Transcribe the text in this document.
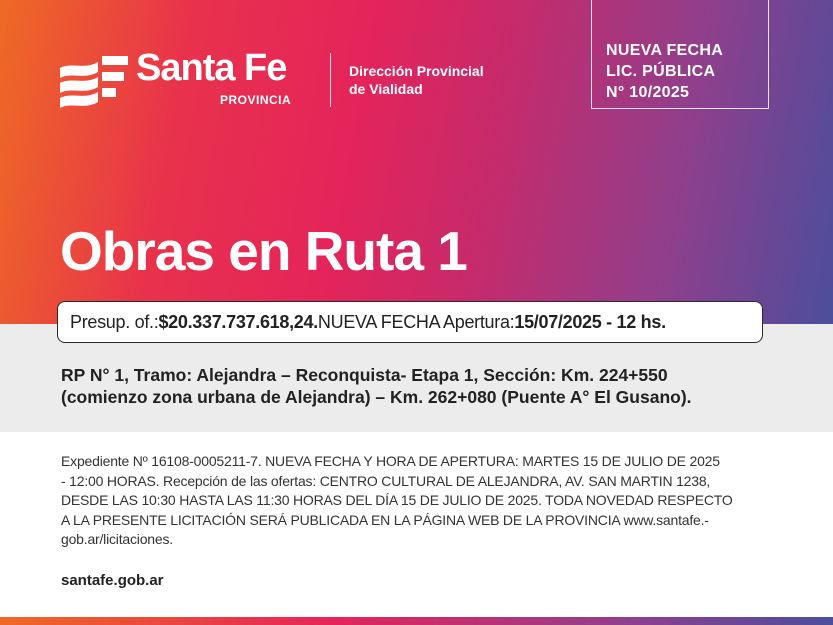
Santa Fe
PROVINCIA
Dirección Provincial
de Vialidad
NUEVA FECHA
LIC. PÚBLICA
N° 10/2025
Obras en Ruta 1
Presup. of.: $20.337.737.618,24. NUEVA FECHA Apertura: 15/07/2025 - 12 hs.
RP N° 1, Tramo: Alejandra – Reconquista- Etapa 1, Sección: Km. 224+550
(comienzo zona urbana de Alejandra) – Km. 262+080 (Puente A° El Gusano).
Expediente Nº 16108-0005211-7. NUEVA FECHA Y HORA DE APERTURA: MARTES 15 DE JULIO DE 2025
- 12:00 HORAS. Recepción de las ofertas: CENTRO CULTURAL DE ALEJANDRA, AV. SAN MARTIN 1238,
DESDE LAS 10:30 HASTA LAS 11:30 HORAS DEL DÍA 15 DE JULIO DE 2025. TODA NOVEDAD RESPECTO
A LA PRESENTE LICITACIÓN SERÁ PUBLICADA EN LA PÁGINA WEB DE LA PROVINCIA www.santafe.-
gob.ar/licitaciones.
santafe.gob.ar
